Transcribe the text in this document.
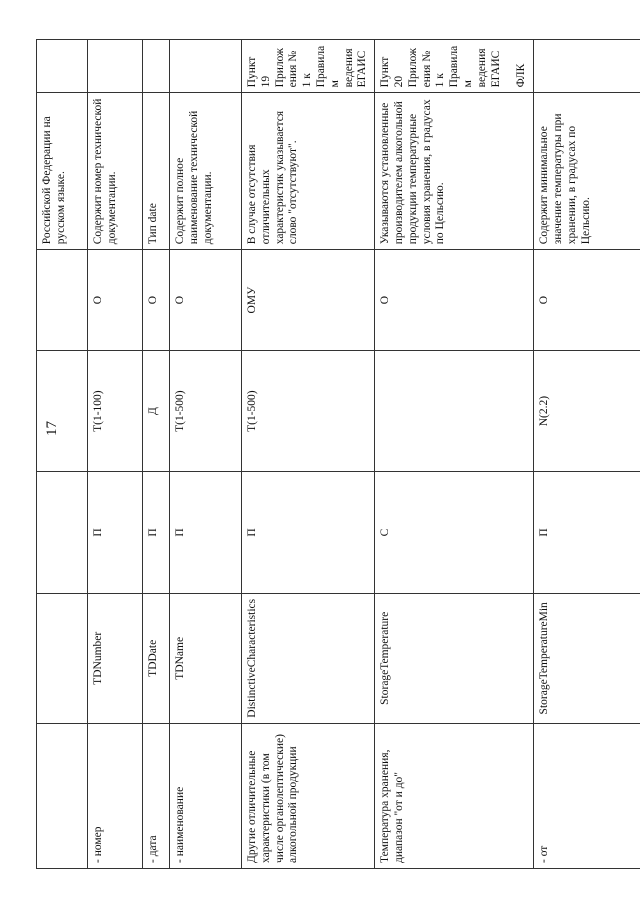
17
					Российской Федерации на русском языке.	
- номер	TDNumber	П	T(1-100)	О	Содержит номер технической документации.	
- дата	TDDate	П	Д	О	Тип date	
- наименование	TDName	П	T(1-500)	О	Содержит полное наименование технической документации.	
Другие отличительные характеристики (в том числе органолептические) алкогольной продукции	DistinctiveCharacteristics	П	T(1-500)	ОМУ	В случае отсутствия отличительных характеристик указывается слово "отсутствуют".	Пункт 19 Приложения № 1 к Правилам ведения ЕГАИС
Температура хранения, диапазон "от и до"	StorageTemperature	С		О	Указываются установленные производителем алкогольной продукции температурные условия хранения, в градусах по Цельсию.	Пункт 20 Приложения № 1 к Правилам ведения ЕГАИС ФЛК

- от	StorageTemperatureMin	П	N(2.2)	О	Содержит минимальное значение температуры при хранении, в градусах по Цельсию.	
